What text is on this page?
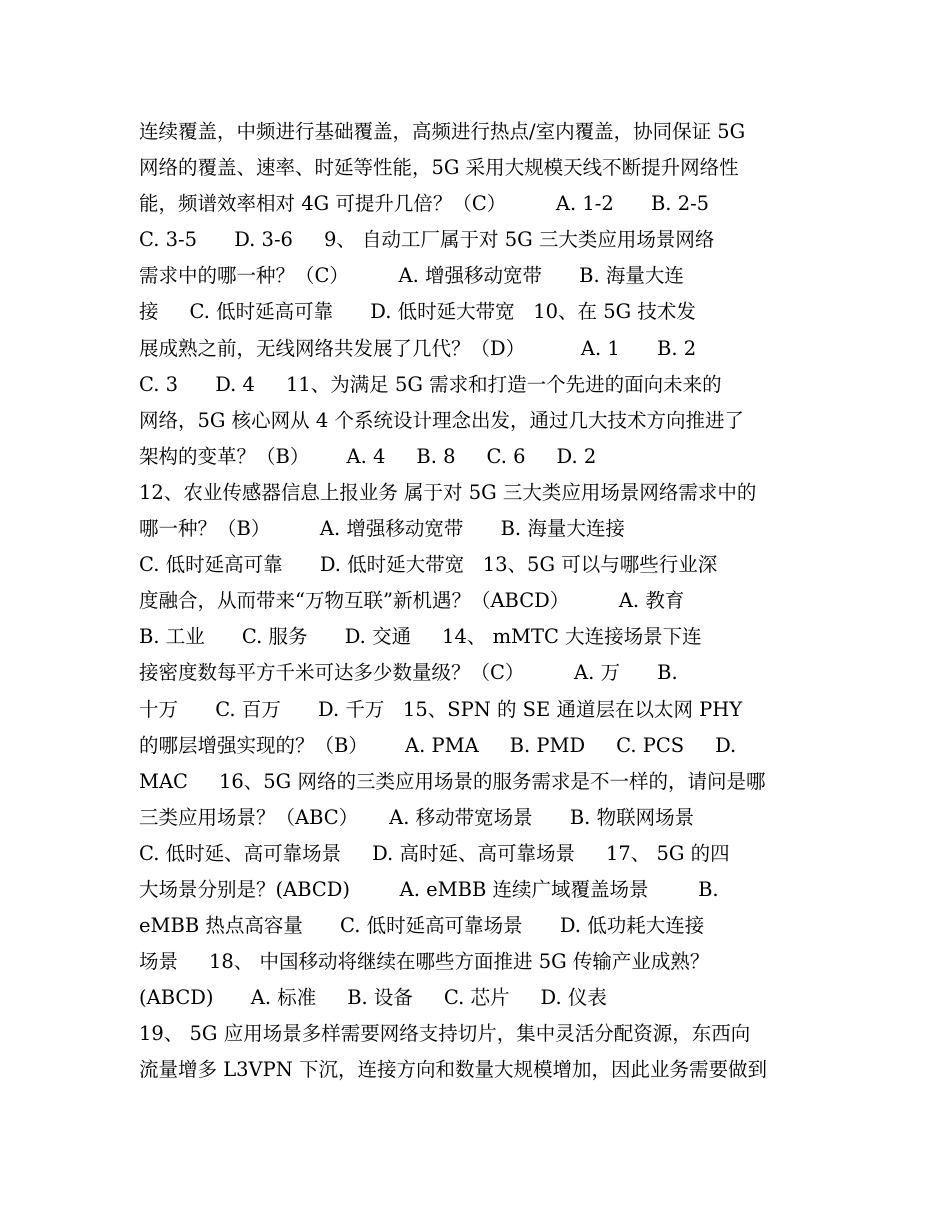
连续覆盖，中频进行基础覆盖，高频进行热点/室内覆盖，协同保证 5G
网络的覆盖、速率、时延等性能，5G 采用大规模天线不断提升网络性
能，频谱效率相对 4G 可提升几倍？（C）        A. 1-2      B. 2-5
C. 3-5      D. 3-6     9、 自动工厂属于对 5G 三大类应用场景网络
需求中的哪一种？（C）        A. 增强移动宽带      B. 海量大连
接     C. 低时延高可靠      D. 低时延大带宽   10、在 5G 技术发
展成熟之前，无线网络共发展了几代？（D）         A. 1      B. 2
C. 3      D. 4     11、为满足 5G 需求和打造一个先进的面向未来的
网络，5G 核心网从 4 个系统设计理念出发，通过几大技术方向推进了
架构的变革？（B）      A. 4     B. 8     C. 6     D. 2
12、农业传感器信息上报业务 属于对 5G 三大类应用场景网络需求中的
哪一种？（B）        A. 增强移动宽带      B. 海量大连接
C. 低时延高可靠      D. 低时延大带宽   13、5G 可以与哪些行业深
度融合，从而带来“万物互联”新机遇？（ABCD）        A. 教育
B. 工业      C. 服务      D. 交通     14、 mMTC 大连接场景下连
接密度数每平方千米可达多少数量级？（C）        A. 万      B.
十万      C. 百万      D. 千万   15、SPN 的 SE 通道层在以太网 PHY
的哪层增强实现的？（B）      A. PMA     B. PMD     C. PCS     D.
MAC     16、5G 网络的三类应用场景的服务需求是不一样的，请问是哪
三类应用场景？（ABC）     A. 移动带宽场景      B. 物联网场景
C. 低时延、高可靠场景     D. 高时延、高可靠场景     17、 5G 的四
大场景分别是？(ABCD)        A. eMBB 连续广域覆盖场景        B.
eMBB 热点高容量      C. 低时延高可靠场景      D. 低功耗大连接
场景     18、 中国移动将继续在哪些方面推进 5G 传输产业成熟？
(ABCD)      A. 标准     B. 设备     C. 芯片     D. 仪表
19、 5G 应用场景多样需要网络支持切片，集中灵活分配资源，东西向
流量增多 L3VPN 下沉，连接方向和数量大规模增加，因此业务需要做到
